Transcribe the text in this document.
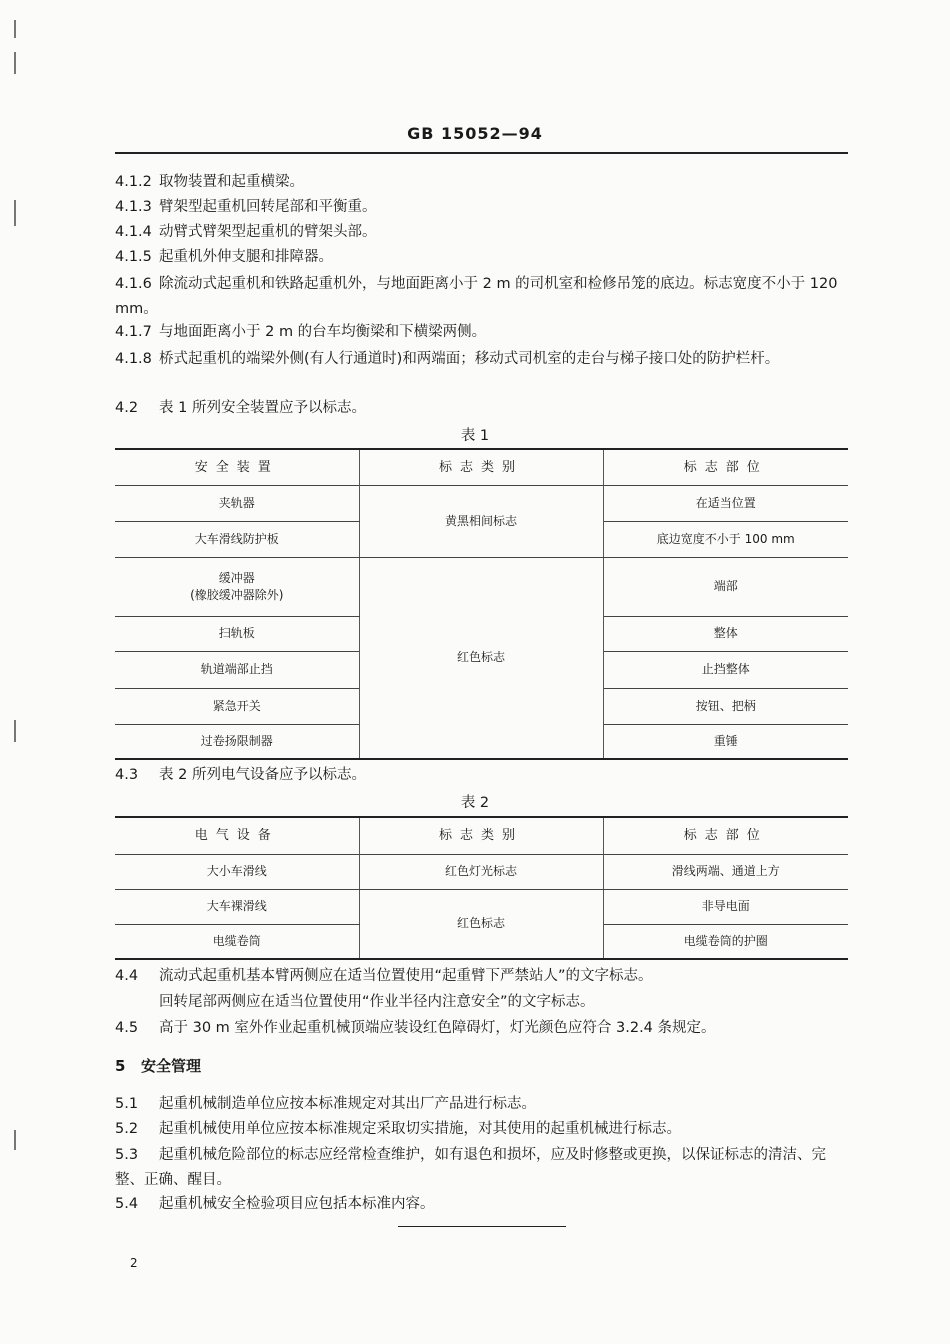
GB 15052—94
4.1.2 取物装置和起重横梁。
4.1.3 臂架型起重机回转尾部和平衡重。
4.1.4 动臂式臂架型起重机的臂架头部。
4.1.5 起重机外伸支腿和排障器。
4.1.6 除流动式起重机和铁路起重机外，与地面距离小于 2 m 的司机室和检修吊笼的底边。标志宽度不小于 120 mm。
4.1.7 与地面距离小于 2 m 的台车均衡梁和下横梁两侧。
4.1.8 桥式起重机的端梁外侧(有人行通道时)和两端面；移动式司机室的走台与梯子接口处的防护栏杆。
4.2 表 1 所列安全装置应予以标志。
表 1
安全装置	标志类别	标志部位
夹轨器	黄黑相间标志	在适当位置
大车滑线防护板		底边宽度不小于 100 mm

缓冲器
(橡胶缓冲器除外)	红色标志	端部
扫轨板		整体
轨道端部止挡		止挡整体
紧急开关		按钮、把柄
过卷扬限制器		重锤
4.3 表 2 所列电气设备应予以标志。
表 2
电气设备	标志类别	标志部位
大小车滑线	红色灯光标志	滑线两端、通道上方
大车裸滑线	红色标志	非导电面
电缆卷筒		电缆卷筒的护圈
4.4 流动式起重机基本臂两侧应在适当位置使用“起重臂下严禁站人”的文字标志。
回转尾部两侧应在适当位置使用“作业半径内注意安全”的文字标志。
4.5 高于 30 m 室外作业起重机械顶端应装设红色障碍灯，灯光颜色应符合 3.2.4 条规定。
5 安全管理
5.1 起重机械制造单位应按本标准规定对其出厂产品进行标志。
5.2 起重机械使用单位应按本标准规定采取切实措施，对其使用的起重机械进行标志。
5.3 起重机械危险部位的标志应经常检查维护，如有退色和损坏，应及时修整或更换，以保证标志的清洁、完整、正确、醒目。
5.4 起重机械安全检验项目应包括本标准内容。
2
